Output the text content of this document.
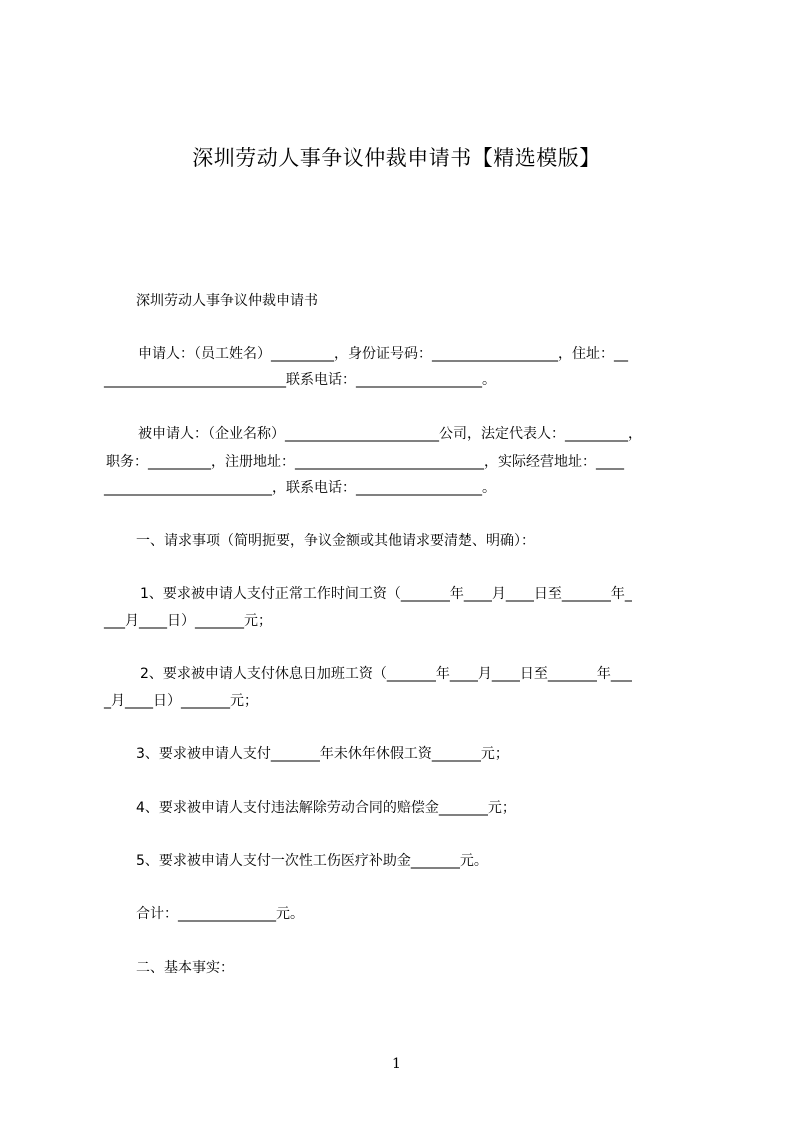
深圳劳动人事争议仲裁申请书【精选模版】
深圳劳动人事争议仲裁申请书
申请人：（员工姓名）_________，身份证号码：__________________，住址：__
__________________________联系电话：__________________。
被申请人：（企业名称）______________________公司，法定代表人：_________，
职务：_________，注册地址：___________________________，实际经营地址：____
________________________，联系电话：__________________。
一、请求事项（简明扼要，争议金额或其他请求要清楚、明确）：
1、要求被申请人支付正常工作时间工资（_______年____月____日至_______年_
___月____日）_______元；
2、要求被申请人支付休息日加班工资（_______年____月____日至_______年___
_月____日）_______元；
3、要求被申请人支付_______年未休年休假工资_______元；
4、要求被申请人支付违法解除劳动合同的赔偿金_______元；
5、要求被申请人支付一次性工伤医疗补助金_______元。
合计：______________元。
二、基本事实：
1
